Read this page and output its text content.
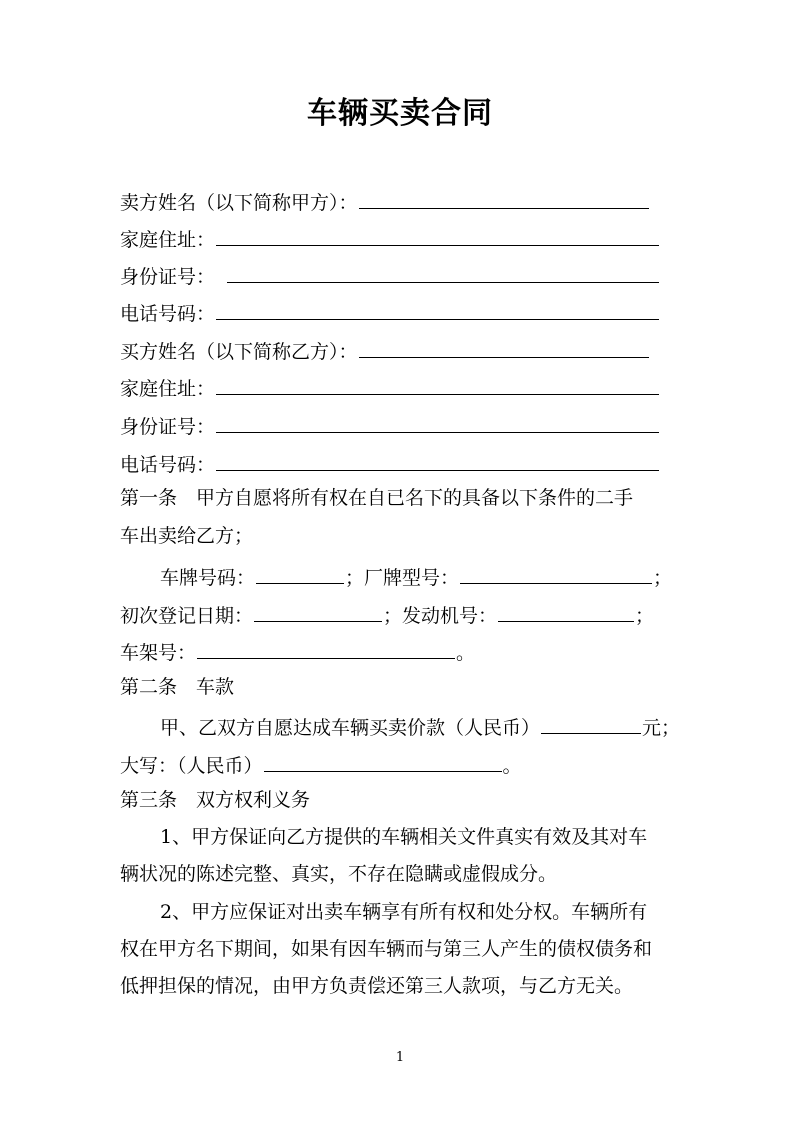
车辆买卖合同
卖方姓名（以下简称甲方）：
家庭住址：
身份证号：
电话号码：
买方姓名（以下简称乙方）：
家庭住址：
身份证号：
电话号码：
第一条　甲方自愿将所有权在自已名下的具备以下条件的二手
车出卖给乙方；
车牌号码：	；厂牌型号：	；
初次登记日期：	；发动机号：	；
车架号：	。
第二条　车款
甲、乙双方自愿达成车辆买卖价款（人民币）	元；
大写：（人民币）	。
第三条　双方权利义务
1、甲方保证向乙方提供的车辆相关文件真实有效及其对车
辆状况的陈述完整、真实，不存在隐瞒或虚假成分。
2、甲方应保证对出卖车辆享有所有权和处分权。车辆所有
权在甲方名下期间，如果有因车辆而与第三人产生的债权债务和
低押担保的情况，由甲方负责偿还第三人款项，与乙方无关。
1
